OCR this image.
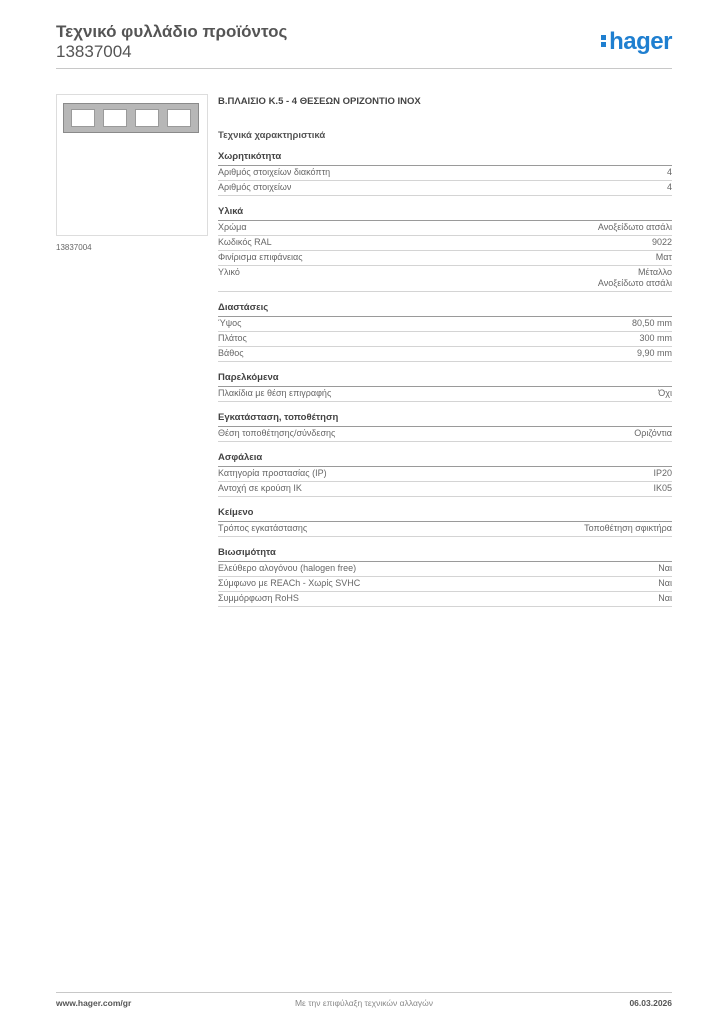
Τεχνικό φυλλάδιο προϊόντος
13837004	hager
13837004
Β.ΠΛΑΙΣΙΟ Κ.5 - 4 ΘΕΣΕΩΝ ΟΡΙΖΟΝΤΙΟ ΙΝΟΧ
Τεχνικά χαρακτηριστικά
Χωρητικότητα
Αριθμός στοιχείων διακόπτη	4
Αριθμός στοιχείων	4
Υλικά
Χρώμα	Ανοξείδωτο ατσάλι
Κωδικός RAL	9022
Φινίρισμα επιφάνειας	Ματ
Υλικό	Μέταλλο
Ανοξείδωτο ατσάλι
Διαστάσεις
Ύψος	80,50 mm
Πλάτος	300 mm
Βάθος	9,90 mm
Παρελκόμενα
Πλακίδια με θέση επιγραφής	Όχι
Εγκατάσταση, τοποθέτηση
Θέση τοποθέτησης/σύνδεσης	Οριζόντια
Ασφάλεια
Κατηγορία προστασίας (IP)	IP20
Αντοχή σε κρούση IK	IK05
Κείμενο
Τρόπος εγκατάστασης	Τοποθέτηση σφικτήρα
Βιωσιμότητα
Ελεύθερο αλογόνου (halogen free)	Ναι
Σύμφωνο με REACh - Χωρίς SVHC	Ναι
Συμμόρφωση RoHS	Ναι
www.hager.com/gr	Με την επιφύλαξη τεχνικών αλλαγών	06.03.2026
